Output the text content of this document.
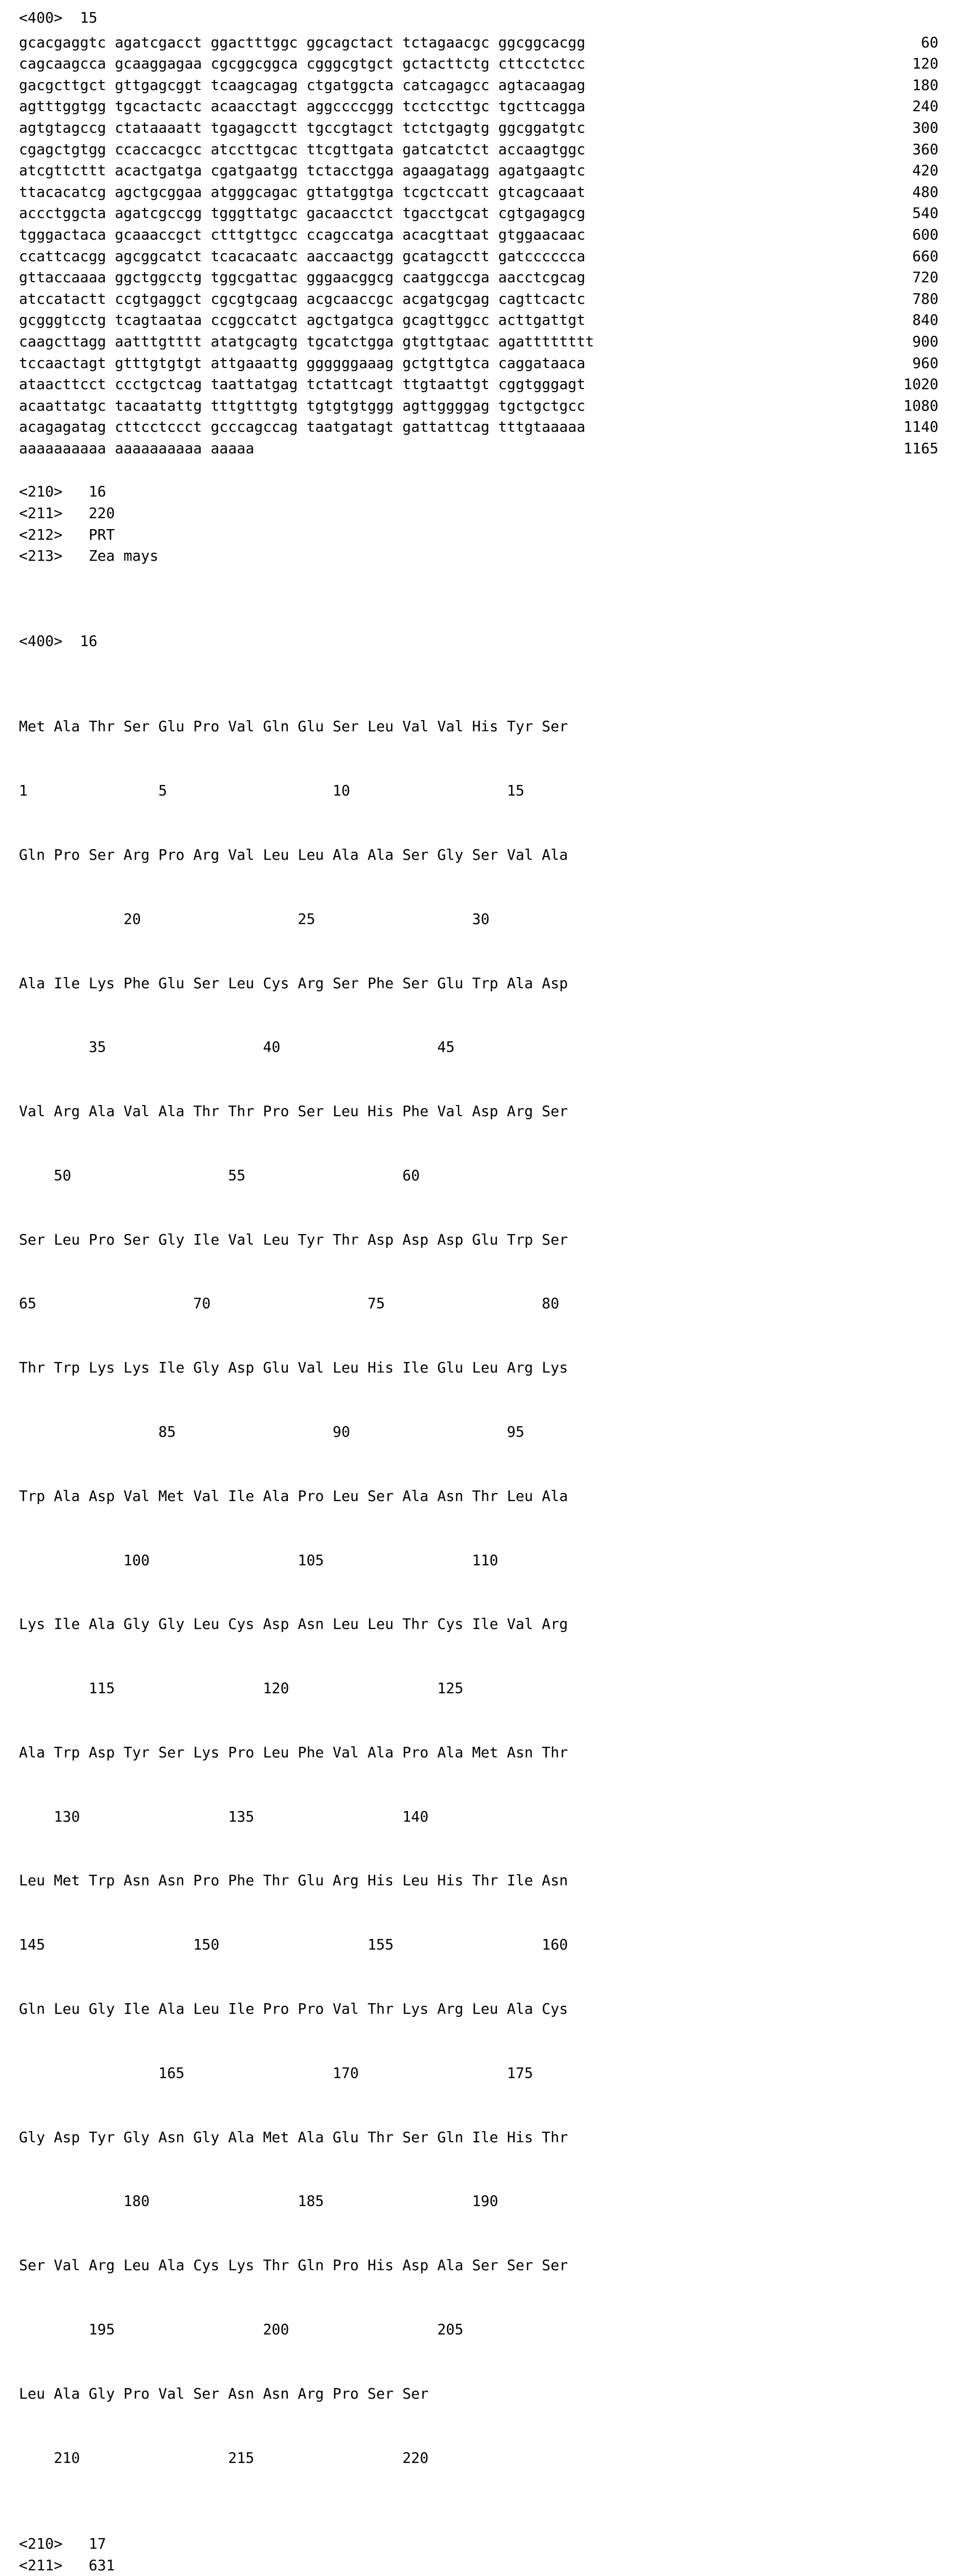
<400>  15
gcacgaggtc agatcgacct ggactttggc ggcagctact tctagaacgc ggcggcacgg	60
cagcaagcca gcaaggagaa cgcggcggca cgggcgtgct gctacttctg cttcctctcc	120
gacgcttgct gttgagcggt tcaagcagag ctgatggcta catcagagcc agtacaagag	180
agtttggtgg tgcactactc acaacctagt aggccccggg tcctccttgc tgcttcagga	240
agtgtagccg ctataaaatt tgagagcctt tgccgtagct tctctgagtg ggcggatgtc	300
cgagctgtgg ccaccacgcc atccttgcac ttcgttgata gatcatctct accaagtggc	360
atcgttcttt acactgatga cgatgaatgg tctacctgga agaagatagg agatgaagtc	420
ttacacatcg agctgcggaa atgggcagac gttatggtga tcgctccatt gtcagcaaat	480
accctggcta agatcgccgg tgggttatgc gacaacctct tgacctgcat cgtgagagcg	540
tgggactaca gcaaaccgct ctttgttgcc ccagccatga acacgttaat gtggaacaac	600
ccattcacgg agcggcatct tcacacaatc aaccaactgg gcatagcctt gatcccccca	660
gttaccaaaa ggctggcctg tggcgattac gggaacggcg caatggccga aacctcgcag	720
atccatactt ccgtgaggct cgcgtgcaag acgcaaccgc acgatgcgag cagttcactc	780
gcgggtcctg tcagtaataa ccggccatct agctgatgca gcagttggcc acttgattgt	840
caagcttagg aatttgtttt atatgcagtg tgcatctgga gtgttgtaac agatttttttt	900
tccaactagt gtttgtgtgt attgaaattg ggggggaaag gctgttgtca caggataaca	960
ataacttcct ccctgctcag taattatgag tctattcagt ttgtaattgt cggtgggagt	1020
acaattatgc tacaatattg tttgtttgtg tgtgtgtggg agttggggag tgctgctgcc	1080
acagagatag cttcctccct gcccagccag taatgatagt gattattcag tttgtaaaaa	1140
aaaaaaaaaa aaaaaaaaaa aaaaa	1165
<210>   16
<211>   220
<212>   PRT
<213>   Zea mays

<400>  16

Met Ala Thr Ser Glu Pro Val Gln Glu Ser Leu Val Val His Tyr Ser

1               5                   10                  15

Gln Pro Ser Arg Pro Arg Val Leu Leu Ala Ala Ser Gly Ser Val Ala

20                  25                  30

Ala Ile Lys Phe Glu Ser Leu Cys Arg Ser Phe Ser Glu Trp Ala Asp

35                  40                  45

Val Arg Ala Val Ala Thr Thr Pro Ser Leu His Phe Val Asp Arg Ser

50                  55                  60

Ser Leu Pro Ser Gly Ile Val Leu Tyr Thr Asp Asp Asp Glu Trp Ser

65                  70                  75                  80

Thr Trp Lys Lys Ile Gly Asp Glu Val Leu His Ile Glu Leu Arg Lys

85                  90                  95

Trp Ala Asp Val Met Val Ile Ala Pro Leu Ser Ala Asn Thr Leu Ala

100                 105                 110

Lys Ile Ala Gly Gly Leu Cys Asp Asn Leu Leu Thr Cys Ile Val Arg

115                 120                 125

Ala Trp Asp Tyr Ser Lys Pro Leu Phe Val Ala Pro Ala Met Asn Thr

130                 135                 140

Leu Met Trp Asn Asn Pro Phe Thr Glu Arg His Leu His Thr Ile Asn

145                 150                 155                 160

Gln Leu Gly Ile Ala Leu Ile Pro Pro Val Thr Lys Arg Leu Ala Cys

165                 170                 175

Gly Asp Tyr Gly Asn Gly Ala Met Ala Glu Thr Ser Gln Ile His Thr

180                 185                 190

Ser Val Arg Leu Ala Cys Lys Thr Gln Pro His Asp Ala Ser Ser Ser

195                 200                 205

Leu Ala Gly Pro Val Ser Asn Asn Arg Pro Ser Ser

210                 215                 220

<210>   17
<211>   631
